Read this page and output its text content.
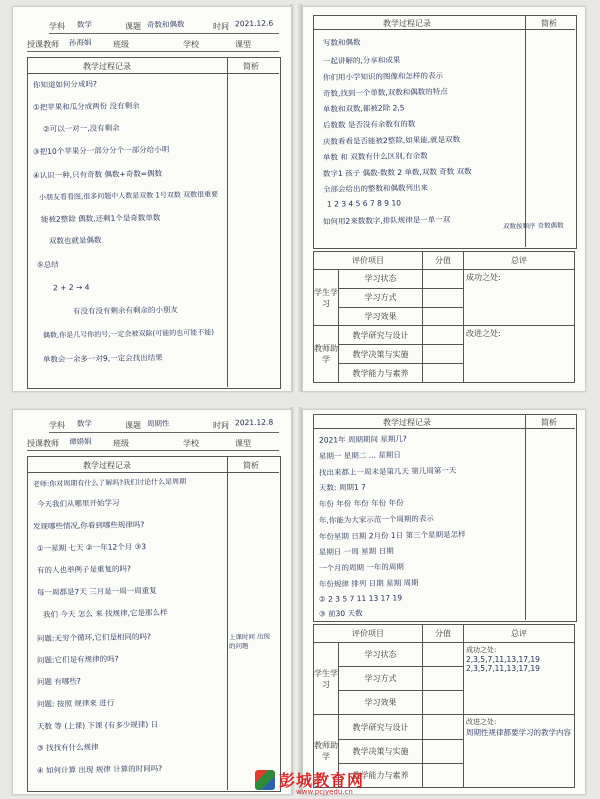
学科 数学	课题 奇数和偶数	时间 2021.12.6
授课教师 孙海娟	班级	学校	课型
教学过程记录	简析
你知道如何分成吗?
①把苹果和瓜分成两份 没有剩余
②可以一对一,没有剩余
③把10个苹果分一部分分个一部分给小明
④认识一种,只有奇数 偶数+奇数=偶数
小朋友看看图,很多问题中人数是双数 1号双数 双数很重要
能被2整除 偶数,还剩1个是奇数单数
双数也就是偶数
⑤总结
2 + 2 → 4
有没有没有剩余有剩余的小朋友
偶数,你是几号你的号,一定会被双除(可能的也可能不能)
单数会一余多一对9,一定会找出结果
教学过程记录	简析
写数和偶数
一起讲解的,分享和成果
你们用小学知识的图像和怎样的表示
奇数,找到一个单数,双数和偶数的特点
单数和双数,都被2除 2,5
后数数 是否没有余数有的数
庆数看看是否能被2整除,如果能,就是双数
单数 和 双数有什么区别,有余数
数字1 孩子 偶数·数数 2 单数,双数 奇数 双数
全部会给出的整数和偶数列出来
1 2 3 4 5 6 7 8 9 10
如何用2来数数字,排队规律是一单一双	双数按顺序 奇数偶数
评价项目		分值	总评
学生学习	学习状态		成功之处:
	学习方式		
	学习效果		
教师助学	教学研究与设计		改进之处:
	教学决策与实施		
	教学能力与素养		
学科 数学	课题 周期性	时间 2021.12.8
授课教师 谭娟娟	班级	学校	课型
教学过程记录	简析
老师:你对周期有什么了解吗?我们讨论什么是周期
今天我们从哪里开始学习
发现哪些情况,你看到哪些规律吗?
①一星期 七天 ②一年12个月 ③3
有的人也举例子是重复的吗?
每一周都是7天 三月是一周一周重复
我们 今天 怎么 来 找规律,它是那么样
问题:无穷个循环,它们是相同的吗?
问题:它们是有规律的吗?
问题 有哪些?
问题: 按照 规律来 进行
天数 等 (上课) 下课 (有多少规律) 日
③ 找找有什么规律
④ 如何计算 出现 规律 计算的时间吗?
上课时间 出现的问题
教学过程记录	简析
2021年 周期期间 星期几?
星期一 星期二 ... 星期日
找出来都上一周末是第几天 第几周第一天
天数: 周期1 7
年份 年份 年份 年份 年份
年,你能为大家示范一个周期的表示
年份星期 日期 2月份 1日 第三个星期是怎样
星期日 一周 星期 日期
一个月的周期 一年的周期
年份规律 排列 日期 星期 周期
② 2 3 5 7 11 13 17 19
③ 前30 天数
评价项目		分值	总评
学生学习	学习状态		成功之处:
2,3,5,7,11,13,17,19
2,3,5,7,11,13,17,19
	学习方式		
	学习效果		
教师助学	教学研究与设计		改进之处:
周期性规律都要学习的教学内容
	教学决策与实施		
	教学能力与素养		
彭城教育网
www.pcjyedu.cn
